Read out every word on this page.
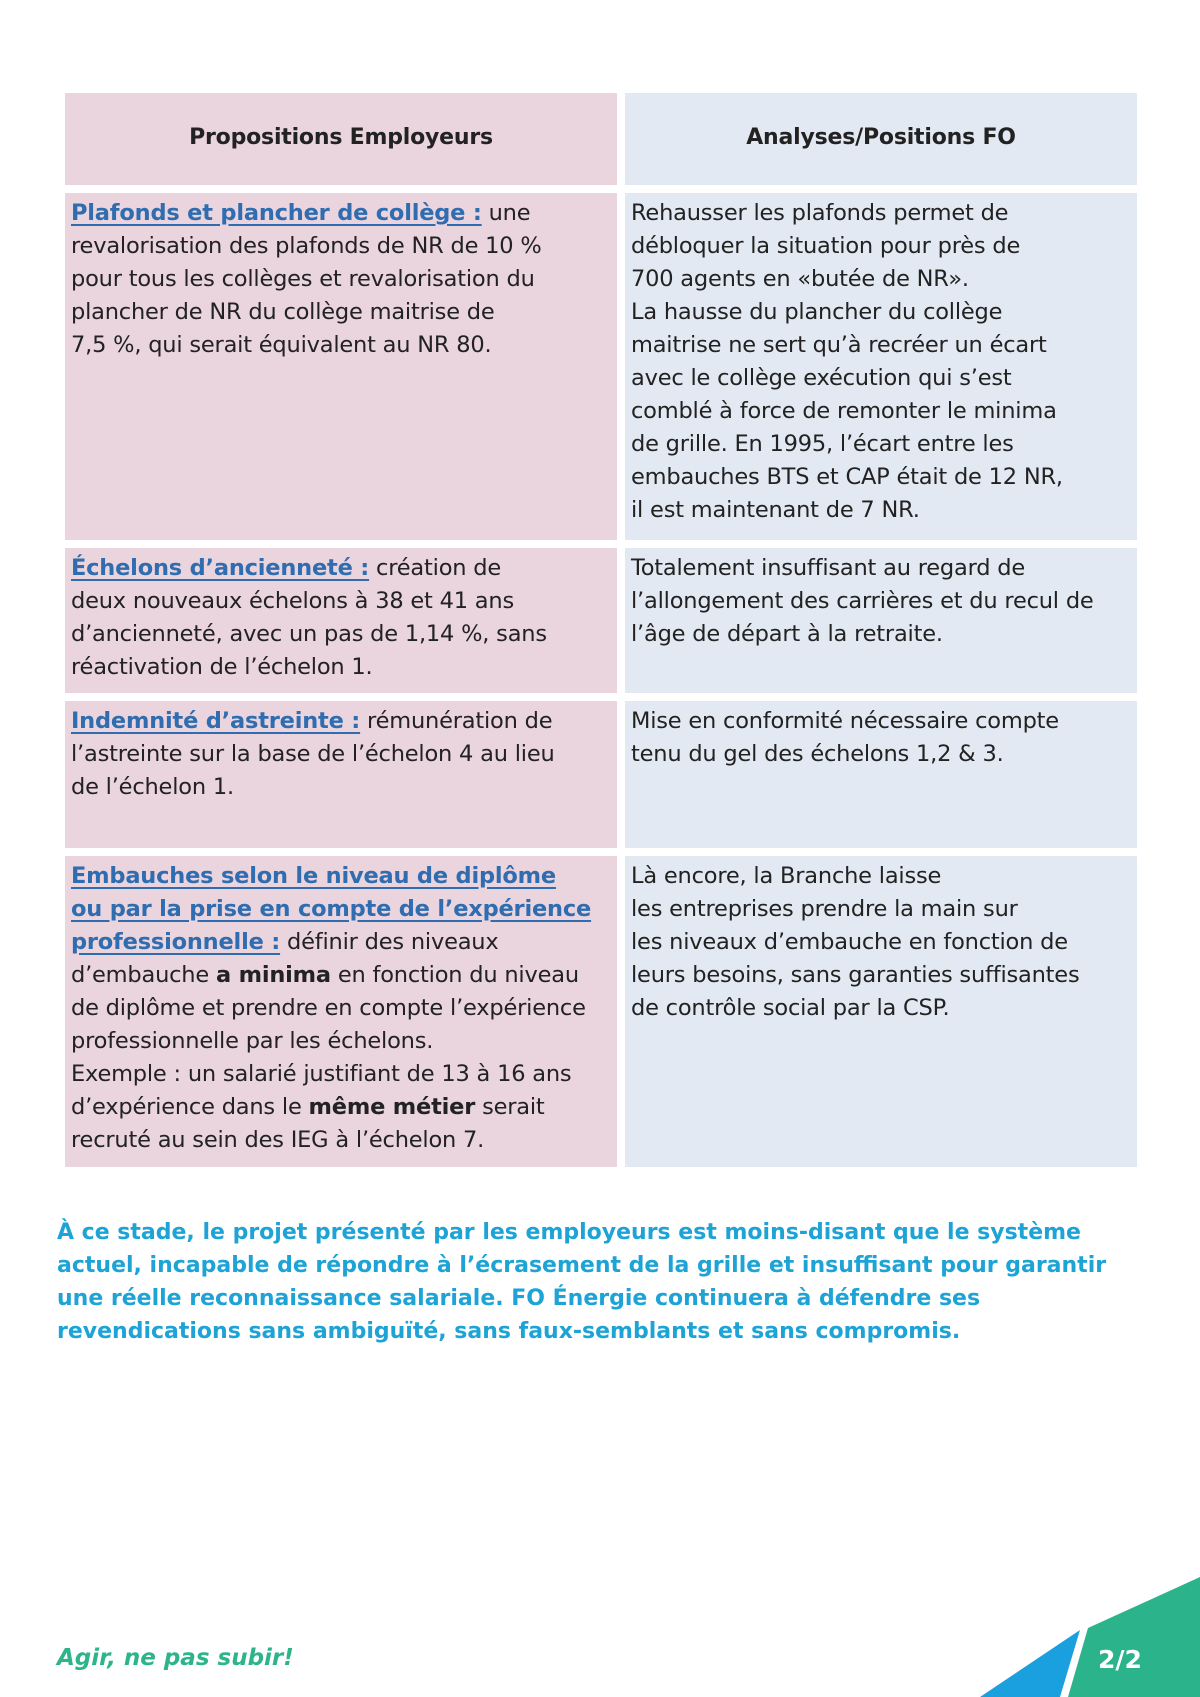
Propositions Employeurs	Analyses/Positions FO
Plafonds et plancher de collège : une
revalorisation des plafonds de NR de 10 %
pour tous les collèges et revalorisation du
plancher de NR du collège maitrise de
7,5 %, qui serait équivalent au NR 80.
Rehausser les plafonds permet de
débloquer la situation pour près de
700 agents en «butée de NR».
La hausse du plancher du collège
maitrise ne sert qu’à recréer un écart
avec le collège exécution qui s’est
comblé à force de remonter le minima
de grille. En 1995, l’écart entre les
embauches BTS et CAP était de 12 NR,
il est maintenant de 7 NR.
Échelons d’ancienneté : création de
deux nouveaux échelons à 38 et 41 ans
d’ancienneté, avec un pas de 1,14 %, sans
réactivation de l’échelon 1.
Totalement insuffisant au regard de
l’allongement des carrières et du recul de
l’âge de départ à la retraite.
Indemnité d’astreinte : rémunération de
l’astreinte sur la base de l’échelon 4 au lieu
de l’échelon 1.
Mise en conformité nécessaire compte
tenu du gel des échelons 1,2 & 3.
Embauches selon le niveau de diplôme
ou par la prise en compte de l’expérience
professionnelle : définir des niveaux
d’embauche a minima en fonction du niveau
de diplôme et prendre en compte l’expérience
professionnelle par les échelons.
Exemple : un salarié justifiant de 13 à 16 ans
d’expérience dans le même métier serait
recruté au sein des IEG à l’échelon 7.
Là encore, la Branche laisse
les entreprises prendre la main sur
les niveaux d’embauche en fonction de
leurs besoins, sans garanties suffisantes
de contrôle social par la CSP.
À ce stade, le projet présenté par les employeurs est moins-disant que le système actuel, incapable de répondre à l’écrasement de la grille et insuffisant pour garantir une réelle reconnaissance salariale. FO Énergie continuera à défendre ses revendications sans ambiguïté, sans faux-semblants et sans compromis.
Agir, ne pas subir!	2/2
